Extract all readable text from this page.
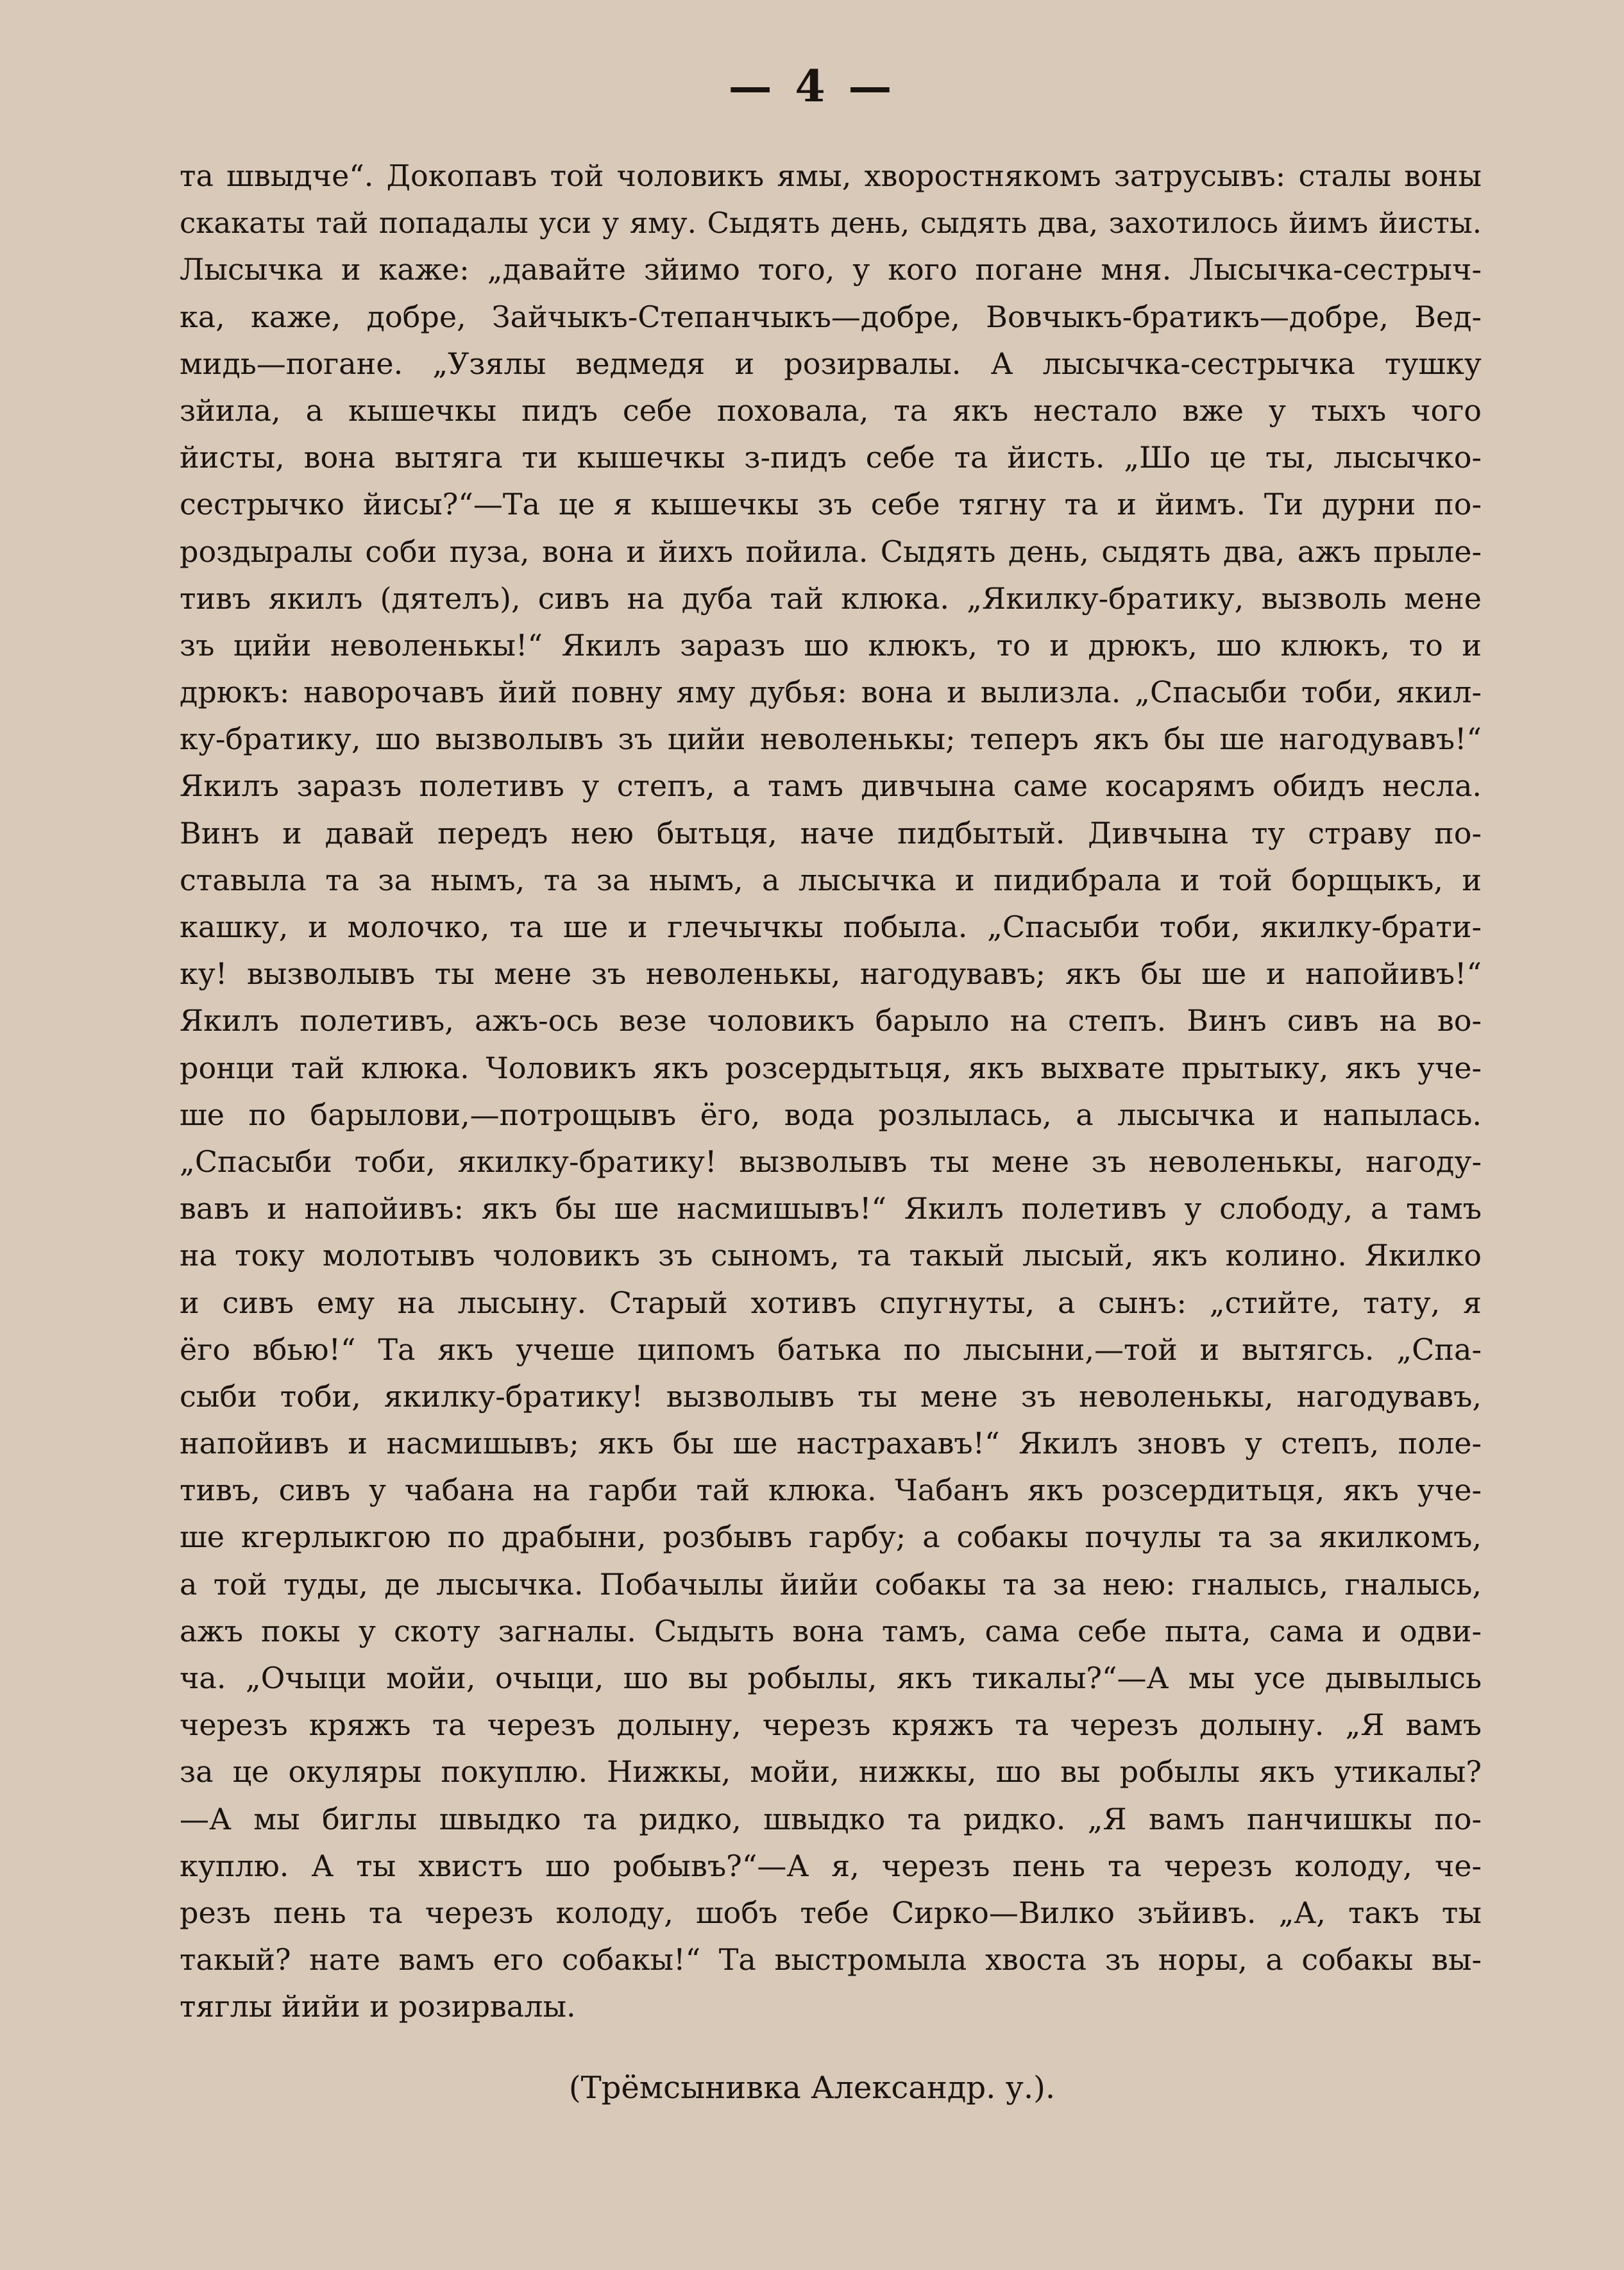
— 4 —
та швыдче“. Докопавъ той чоловикъ ямы, хворостнякомъ затрусывъ: сталы воны
скакаты тай попадалы уси у яму. Сыдять день, сыдять два, захотилось йимъ йисты.
Лысычка и каже: „давайте зйимо того, у кого погане мня. Лысычка-сестрыч-
ка, каже, добре, Зайчыкъ-Степанчыкъ—добре, Вовчыкъ-братикъ—добре, Вед-
мидь—погане. „Узялы ведмедя и розирвалы. А лысычка-сестрычка тушку
зйила, а кышечкы пидъ себе поховала, та якъ нестало вже у тыхъ чого
йисты, вона вытяга ти кышечкы з-пидъ себе та йисть. „Шо це ты, лысычко-
сестрычко йисы?“—Та це я кышечкы зъ себе тягну та и йимъ. Ти дурни по-
роздыралы соби пуза, вона и йихъ пойила. Сыдять день, сыдять два, ажъ прыле-
тивъ якилъ (дятелъ), сивъ на дуба тай клюка. „Якилку-братику, вызволь мене
зъ цийи неволенькы!“ Якилъ заразъ шо клюкъ, то и дрюкъ, шо клюкъ, то и
дрюкъ: наворочавъ йий повну яму дубья: вона и вылизла. „Спасыби тоби, якил-
ку-братику, шо вызволывъ зъ цийи неволенькы; теперъ якъ бы ше нагодувавъ!“
Якилъ заразъ полетивъ у степъ, а тамъ дивчына саме косарямъ обидъ несла.
Винъ и давай передъ нею бытьця, наче пидбытый. Дивчына ту страву по-
ставыла та за нымъ, та за нымъ, а лысычка и пидибрала и той борщыкъ, и
кашку, и молочко, та ше и глечычкы побыла. „Спасыби тоби, якилку-брати-
ку! вызволывъ ты мене зъ неволенькы, нагодувавъ; якъ бы ше и напойивъ!“
Якилъ полетивъ, ажъ-ось везе чоловикъ барыло на степъ. Винъ сивъ на во-
ронци тай клюка. Чоловикъ якъ розсердытьця, якъ выхвате прытыку, якъ уче-
ше по барылови,—потрощывъ ёго, вода розлылась, а лысычка и напылась.
„Спасыби тоби, якилку-братику! вызволывъ ты мене зъ неволенькы, нагоду-
вавъ и напойивъ: якъ бы ше насмишывъ!“ Якилъ полетивъ у слободу, а тамъ
на току молотывъ чоловикъ зъ сыномъ, та такый лысый, якъ колино. Якилко
и сивъ ему на лысыну. Старый хотивъ спугнуты, а сынъ: „стийте, тату, я
ёго вбью!“ Та якъ учеше ципомъ батька по лысыни,—той и вытягсь. „Спа-
сыби тоби, якилку-братику! вызволывъ ты мене зъ неволенькы, нагодувавъ,
напойивъ и насмишывъ; якъ бы ше настрахавъ!“ Якилъ зновъ у степъ, поле-
тивъ, сивъ у чабана на гарби тай клюка. Чабанъ якъ розсердитьця, якъ уче-
ше кгерлыкгою по драбыни, розбывъ гарбу; а собакы почулы та за якилкомъ,
а той туды, де лысычка. Побачылы йийи собакы та за нею: гналысь, гналысь,
ажъ покы у скоту загналы. Сыдыть вона тамъ, сама себе пыта, сама и одви-
ча. „Очыци мойи, очыци, шо вы робылы, якъ тикалы?“—А мы усе дывылысь
черезъ кряжъ та черезъ долыну, черезъ кряжъ та черезъ долыну. „Я вамъ
за це окуляры покуплю. Нижкы, мойи, нижкы, шо вы робылы якъ утикалы?
—А мы биглы швыдко та ридко, швыдко та ридко. „Я вамъ панчишкы по-
куплю. А ты хвистъ шо робывъ?“—А я, черезъ пень та черезъ колоду, че-
резъ пень та черезъ колоду, шобъ тебе Сирко—Вилко зъйивъ. „А, такъ ты
такый? нате вамъ его собакы!“ Та выстромыла хвоста зъ норы, а собакы вы-
тяглы йийи и розирвалы.
(Трёмсынивка Александр. у.).
